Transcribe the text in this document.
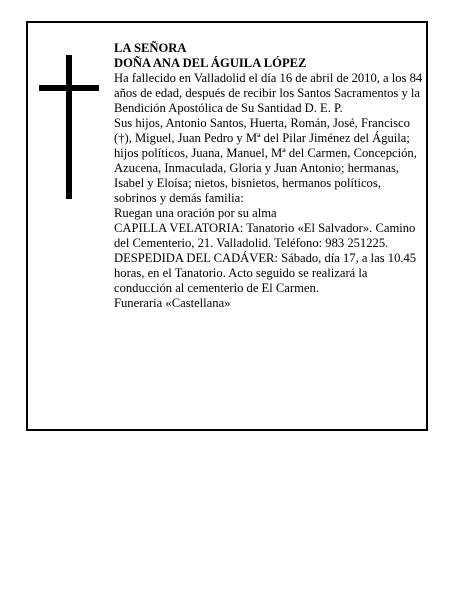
LA SEÑORA

DOÑA ANA DEL ÁGUILA LÓPEZ

Ha fallecido en Valladolid el día 16 de abril de 2010, a los 84 años de edad, después de recibir los Santos Sacramentos y la Bendición Apostólica de Su Santidad D. E. P.

Sus hijos, Antonio Santos, Huerta, Román, José, Francisco (†), Miguel, Juan Pedro y Mª del Pilar Jiménez del Águila; hijos políticos, Juana, Manuel, Mª del Carmen, Concepción, Azucena, Inmaculada, Gloria y Juan Antonio; hermanas, Isabel y Eloísa; nietos, bisnietos, hermanos políticos, sobrinos y demás familia:

Ruegan una oración por su alma

CAPILLA VELATORIA: Tanatorio «El Salvador». Camino del Cementerio, 21. Valladolid. Teléfono: 983 251225.

DESPEDIDA DEL CADÁVER: Sábado, día 17, a las 10.45 horas, en el Tanatorio. Acto seguido se realizará la conducción al cementerio de El Carmen.

Funeraria «Castellana»
